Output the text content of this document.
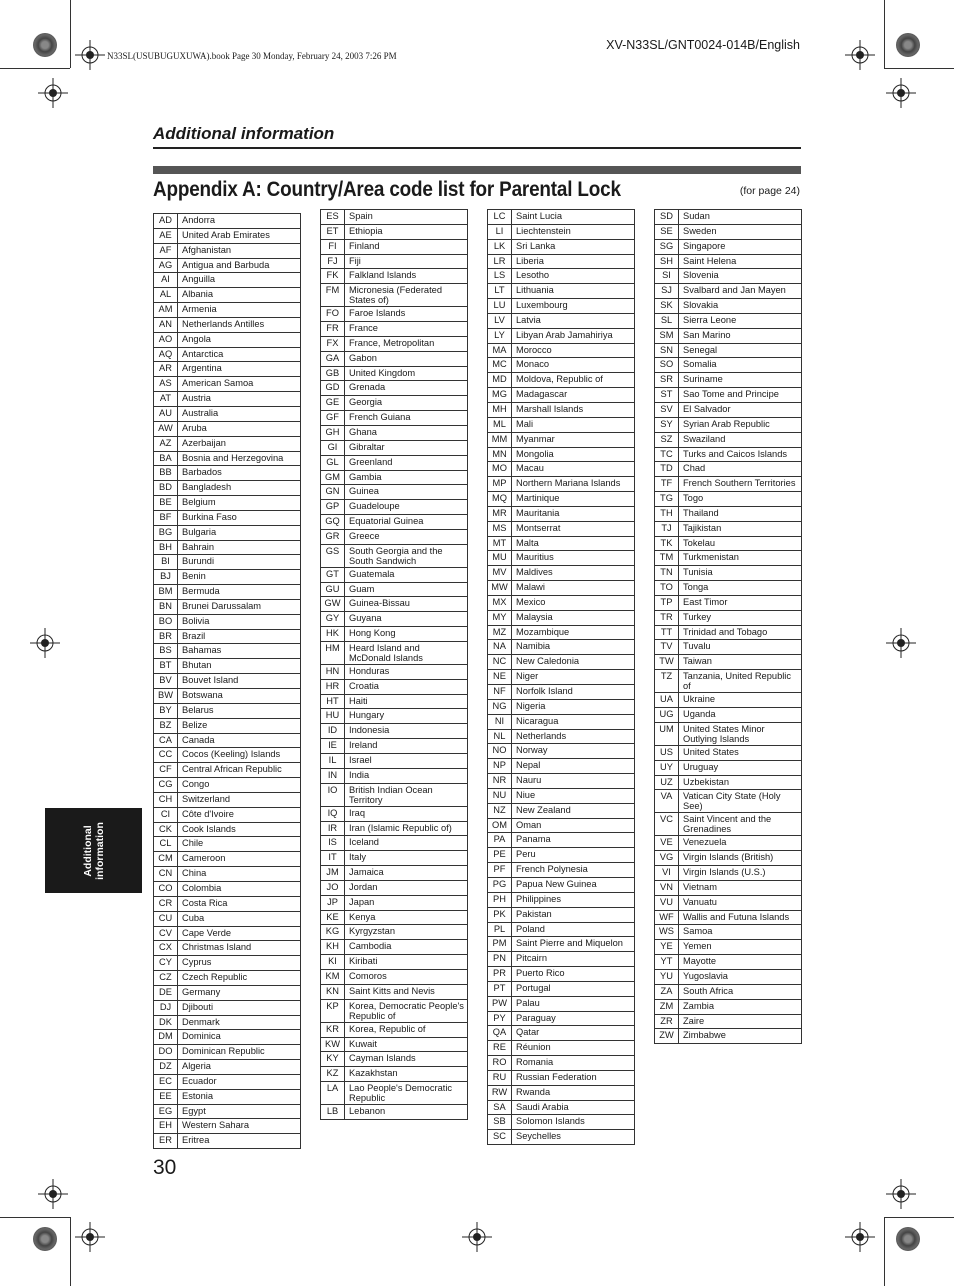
N33SL(USUBUGUXUWA).book Page 30 Monday, February 24, 2003 7:26 PM
XV-N33SL/GNT0024-014B/English
Additional information
Appendix A: Country/Area code list for Parental Lock	(for page 24)
Additional information
AD	Andorra
AE	United Arab Emirates
AF	Afghanistan
AG	Antigua and Barbuda
AI	Anguilla
AL	Albania
AM	Armenia
AN	Netherlands Antilles
AO	Angola
AQ	Antarctica
AR	Argentina
AS	American Samoa
AT	Austria
AU	Australia
AW	Aruba
AZ	Azerbaijan
BA	Bosnia and Herzegovina
BB	Barbados
BD	Bangladesh
BE	Belgium
BF	Burkina Faso
BG	Bulgaria
BH	Bahrain
BI	Burundi
BJ	Benin
BM	Bermuda
BN	Brunei Darussalam
BO	Bolivia
BR	Brazil
BS	Bahamas
BT	Bhutan
BV	Bouvet Island
BW	Botswana
BY	Belarus
BZ	Belize
CA	Canada
CC	Cocos (Keeling) Islands
CF	Central African Republic
CG	Congo
CH	Switzerland
CI	Côte d'Ivoire
CK	Cook Islands
CL	Chile
CM	Cameroon
CN	China
CO	Colombia
CR	Costa Rica
CU	Cuba
CV	Cape Verde
CX	Christmas Island
CY	Cyprus
CZ	Czech Republic
DE	Germany
DJ	Djibouti
DK	Denmark
DM	Dominica
DO	Dominican Republic
DZ	Algeria
EC	Ecuador
EE	Estonia
EG	Egypt
EH	Western Sahara
ER	Eritrea
ES	Spain
ET	Ethiopia
FI	Finland
FJ	Fiji
FK	Falkland Islands
FM	Micronesia (Federated States of)
FO	Faroe Islands
FR	France
FX	France, Metropolitan
GA	Gabon
GB	United Kingdom
GD	Grenada
GE	Georgia
GF	French Guiana
GH	Ghana
GI	Gibraltar
GL	Greenland
GM	Gambia
GN	Guinea
GP	Guadeloupe
GQ	Equatorial Guinea
GR	Greece
GS	South Georgia and the South Sandwich
GT	Guatemala
GU	Guam
GW	Guinea-Bissau
GY	Guyana
HK	Hong Kong
HM	Heard Island and McDonald Islands
HN	Honduras
HR	Croatia
HT	Haiti
HU	Hungary
ID	Indonesia
IE	Ireland
IL	Israel
IN	India
IO	British Indian Ocean Territory
IQ	Iraq
IR	Iran (Islamic Republic of)
IS	Iceland
IT	Italy
JM	Jamaica
JO	Jordan
JP	Japan
KE	Kenya
KG	Kyrgyzstan
KH	Cambodia
KI	Kiribati
KM	Comoros
KN	Saint Kitts and Nevis
KP	Korea, Democratic People's Republic of
KR	Korea, Republic of
KW	Kuwait
KY	Cayman Islands
KZ	Kazakhstan
LA	Lao People's Democratic Republic
LB	Lebanon
LC	Saint Lucia
LI	Liechtenstein
LK	Sri Lanka
LR	Liberia
LS	Lesotho
LT	Lithuania
LU	Luxembourg
LV	Latvia
LY	Libyan Arab Jamahiriya
MA	Morocco
MC	Monaco
MD	Moldova, Republic of
MG	Madagascar
MH	Marshall Islands
ML	Mali
MM	Myanmar
MN	Mongolia
MO	Macau
MP	Northern Mariana Islands
MQ	Martinique
MR	Mauritania
MS	Montserrat
MT	Malta
MU	Mauritius
MV	Maldives
MW	Malawi
MX	Mexico
MY	Malaysia
MZ	Mozambique
NA	Namibia
NC	New Caledonia
NE	Niger
NF	Norfolk Island
NG	Nigeria
NI	Nicaragua
NL	Netherlands
NO	Norway
NP	Nepal
NR	Nauru
NU	Niue
NZ	New Zealand
OM	Oman
PA	Panama
PE	Peru
PF	French Polynesia
PG	Papua New Guinea
PH	Philippines
PK	Pakistan
PL	Poland
PM	Saint Pierre and Miquelon
PN	Pitcairn
PR	Puerto Rico
PT	Portugal
PW	Palau
PY	Paraguay
QA	Qatar
RE	Réunion
RO	Romania
RU	Russian Federation
RW	Rwanda
SA	Saudi Arabia
SB	Solomon Islands
SC	Seychelles
SD	Sudan
SE	Sweden
SG	Singapore
SH	Saint Helena
SI	Slovenia
SJ	Svalbard and Jan Mayen
SK	Slovakia
SL	Sierra Leone
SM	San Marino
SN	Senegal
SO	Somalia
SR	Suriname
ST	Sao Tome and Principe
SV	El Salvador
SY	Syrian Arab Republic
SZ	Swaziland
TC	Turks and Caicos Islands
TD	Chad
TF	French Southern Territories
TG	Togo
TH	Thailand
TJ	Tajikistan
TK	Tokelau
TM	Turkmenistan
TN	Tunisia
TO	Tonga
TP	East Timor
TR	Turkey
TT	Trinidad and Tobago
TV	Tuvalu
TW	Taiwan
TZ	Tanzania, United Republic of
UA	Ukraine
UG	Uganda
UM	United States Minor Outlying Islands
US	United States
UY	Uruguay
UZ	Uzbekistan
VA	Vatican City State (Holy See)
VC	Saint Vincent and the Grenadines
VE	Venezuela
VG	Virgin Islands (British)
VI	Virgin Islands (U.S.)
VN	Vietnam
VU	Vanuatu
WF	Wallis and Futuna Islands
WS	Samoa
YE	Yemen
YT	Mayotte
YU	Yugoslavia
ZA	South Africa
ZM	Zambia
ZR	Zaire
ZW	Zimbabwe
30
